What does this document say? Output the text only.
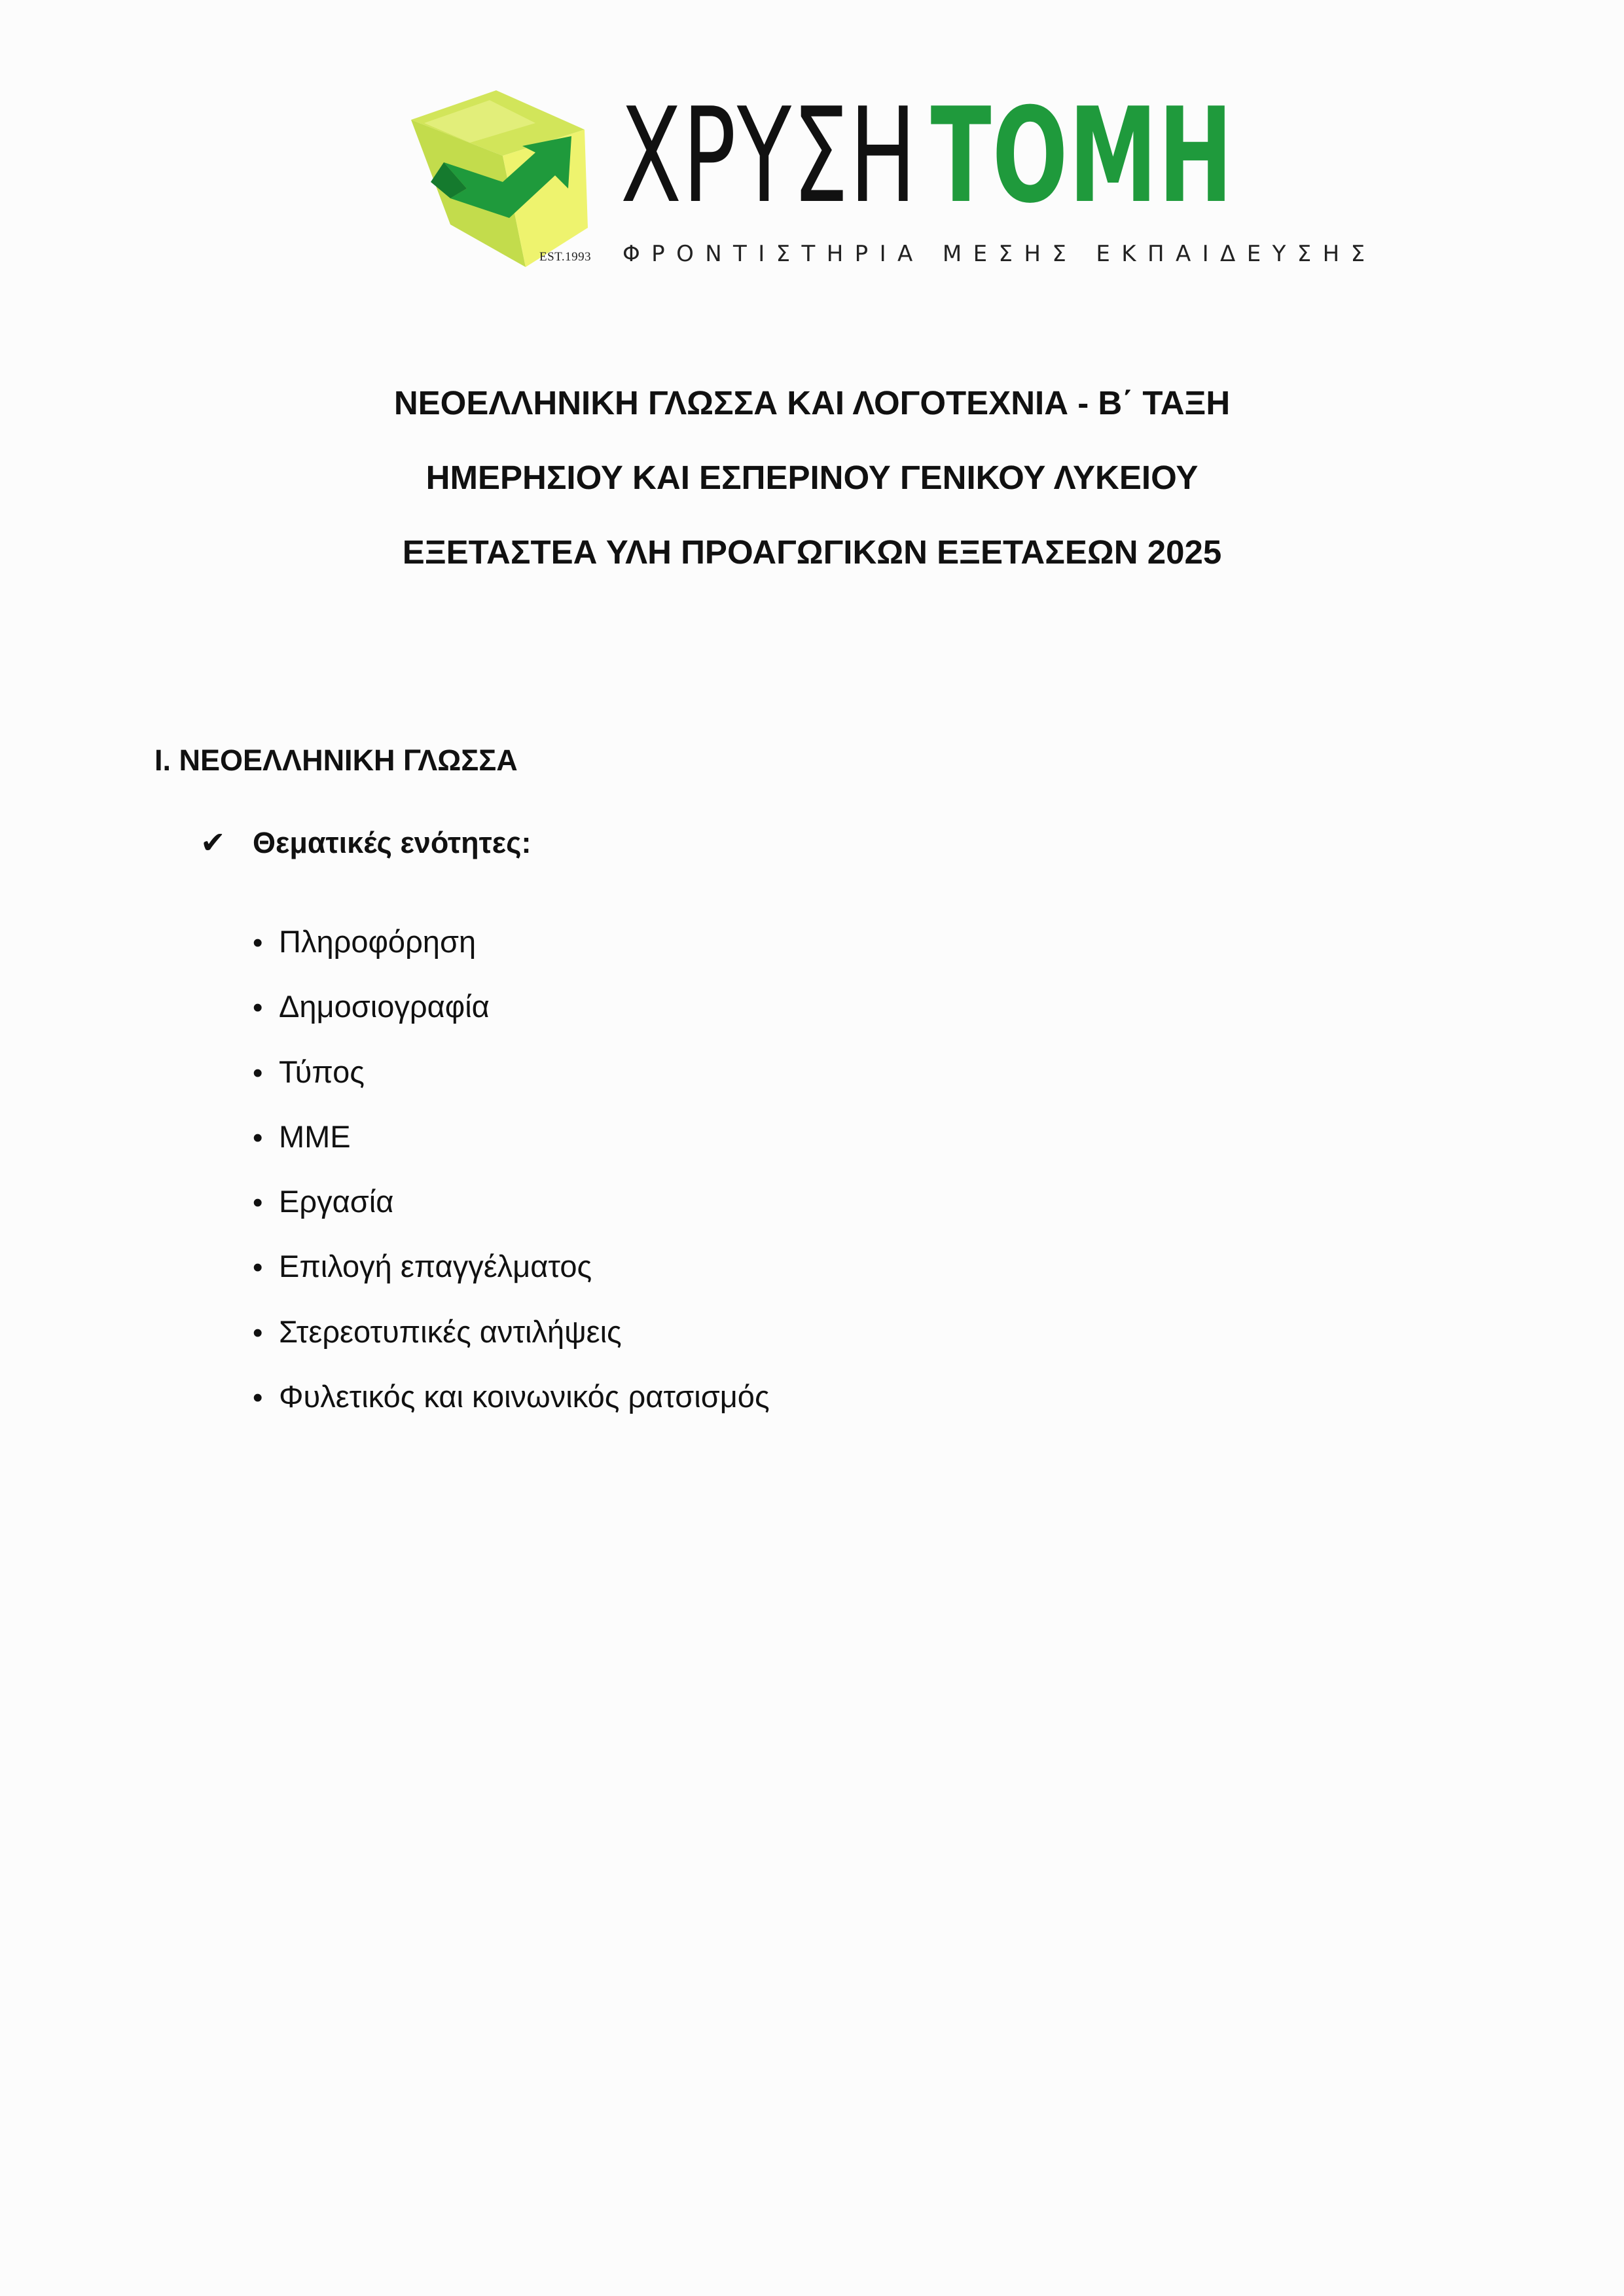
EST.1993
ΧΡΥΣΗ ΤΟΜΗ
ΦΡΟΝΤΙΣΤΗΡΙΑ ΜΕΣΗΣ ΕΚΠΑΙΔΕΥΣΗΣ
ΝΕΟΕΛΛΗΝΙΚΗ ΓΛΩΣΣΑ ΚΑΙ ΛΟΓΟΤΕΧΝΙΑ - Β΄ ΤΑΞΗ
ΗΜΕΡΗΣΙΟΥ ΚΑΙ ΕΣΠΕΡΙΝΟΥ ΓΕΝΙΚΟΥ ΛΥΚΕΙΟΥ
ΕΞΕΤΑΣΤΕΑ ΥΛΗ ΠΡΟΑΓΩΓΙΚΩΝ ΕΞΕΤΑΣΕΩΝ 2025
Ι. ΝΕΟΕΛΛΗΝΙΚΗ ΓΛΩΣΣΑ
✔ Θεματικές ενότητες:
• Πληροφόρηση
• Δημοσιογραφία
• Τύπος
• ΜΜΕ
• Εργασία
• Επιλογή επαγγέλματος
• Στερεοτυπικές αντιλήψεις
• Φυλετικός και κοινωνικός ρατσισμός
